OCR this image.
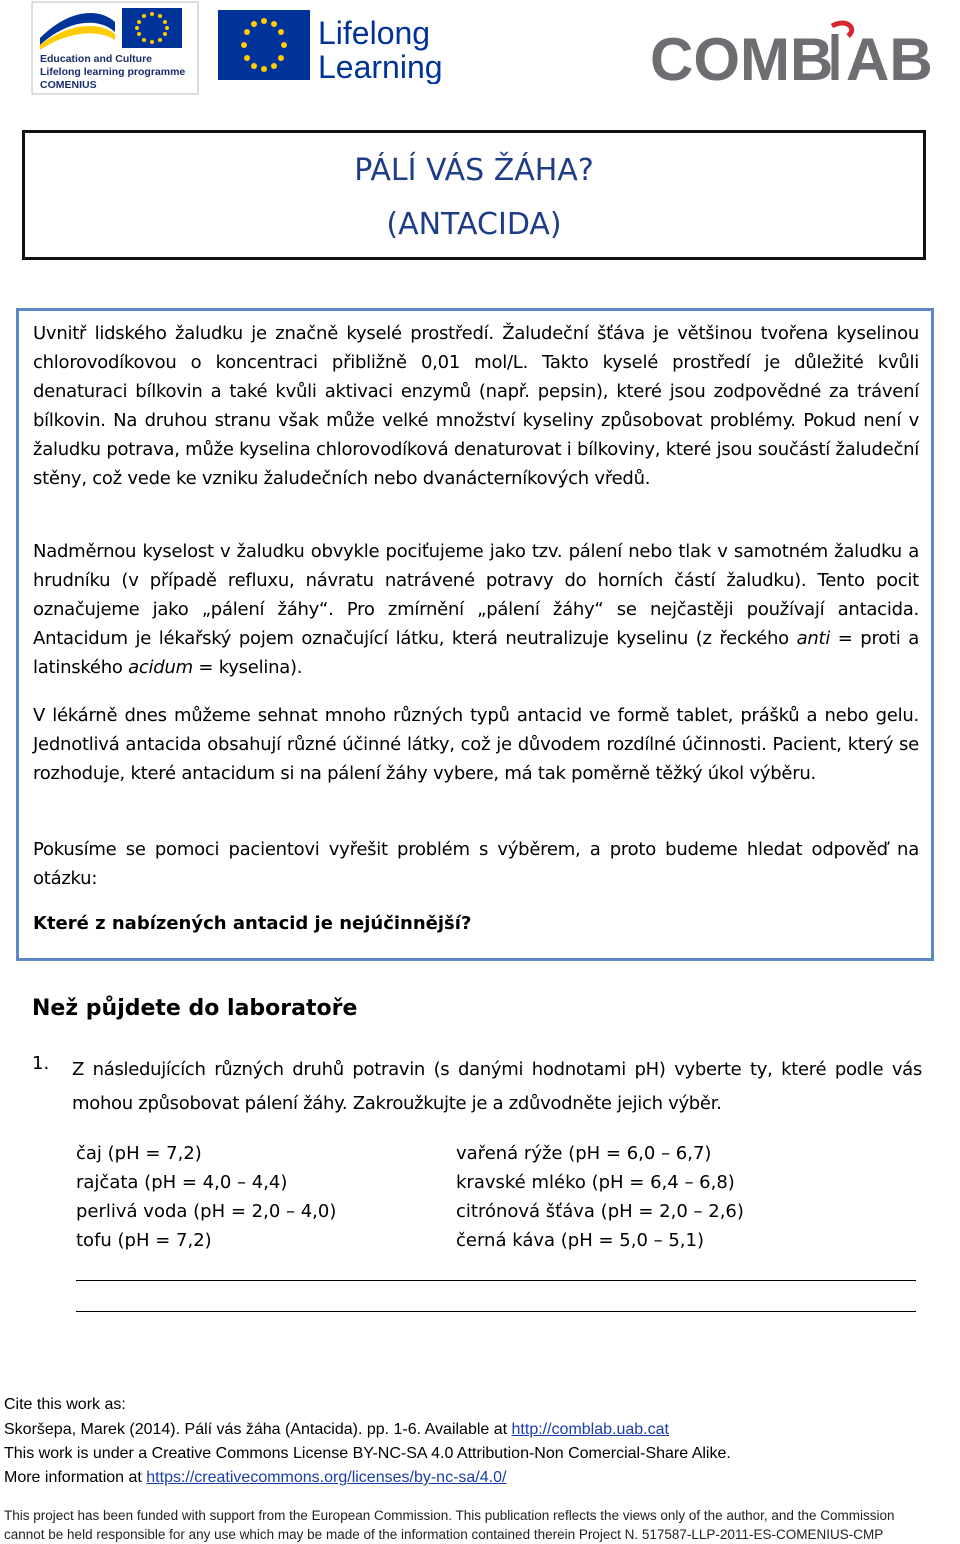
Education and Culture
Lifelong learning programme
COMENIUS
Lifelong
Learning	COMB AB
PÁLÍ VÁS ŽÁHA?
(ANTACIDA)
Uvnitř lidského žaludku je značně kyselé prostředí. Žaludeční šťáva je většinou tvořena kyselinou chlorovodíkovou o koncentraci přibližně 0,01 mol/L. Takto kyselé prostředí je důležité kvůli denaturaci bílkovin a také kvůli aktivaci enzymů (např. pepsin), které jsou zodpovědné za trávení bílkovin. Na druhou stranu však může velké množství kyseliny způsobovat problémy. Pokud není v žaludku potrava, může kyselina chlorovodíková denaturovat i bílkoviny, které jsou součástí žaludeční stěny, což vede ke vzniku žaludečních nebo dvanácterníkových vředů.
Nadměrnou kyselost v žaludku obvykle pociťujeme jako tzv. pálení nebo tlak v samotném žaludku a hrudníku (v případě refluxu, návratu natrávené potravy do horních částí žaludku). Tento pocit označujeme jako „pálení žáhy“. Pro zmírnění „pálení žáhy“ se nejčastěji používají antacida. Antacidum je lékařský pojem označující látku, která neutralizuje kyselinu (z řeckého anti = proti a latinského acidum = kyselina).
V lékárně dnes můžeme sehnat mnoho různých typů antacid ve formě tablet, prášků a nebo gelu. Jednotlivá antacida obsahují různé účinné látky, což je důvodem rozdílné účinnosti. Pacient, který se rozhoduje, které antacidum si na pálení žáhy vybere, má tak poměrně těžký úkol výběru.
Pokusíme se pomoci pacientovi vyřešit problém s výběrem, a proto budeme hledat odpověď na otázku:
Které z nabízených antacid je nejúčinnější?
Než půjdete do laboratoře
1. Z následujících různých druhů potravin (s danými hodnotami pH) vyberte ty, které podle vás mohou způsobovat pálení žáhy. Zakroužkujte je a zdůvodněte jejich výběr.
čaj (pH = 7,2)
rajčata (pH = 4,0 – 4,4)
perlivá voda (pH = 2,0 – 4,0)
tofu (pH = 7,2)
vařená rýže (pH = 6,0 – 6,7)
kravské mléko (pH = 6,4 – 6,8)
citrónová šťáva (pH = 2,0 – 2,6)
černá káva (pH = 5,0 – 5,1)
Cite this work as:
Skoršepa, Marek (2014). Pálí vás žáha (Antacida). pp. 1-6. Available at http://comblab.uab.cat
This work is under a Creative Commons License BY-NC-SA 4.0 Attribution-Non Comercial-Share Alike.
More information at https://creativecommons.org/licenses/by-nc-sa/4.0/
This project has been funded with support from the European Commission. This publication reflects the views only of the author, and the Commission
cannot be held responsible for any use which may be made of the information contained therein Project N. 517587-LLP-2011-ES-COMENIUS-CMP
